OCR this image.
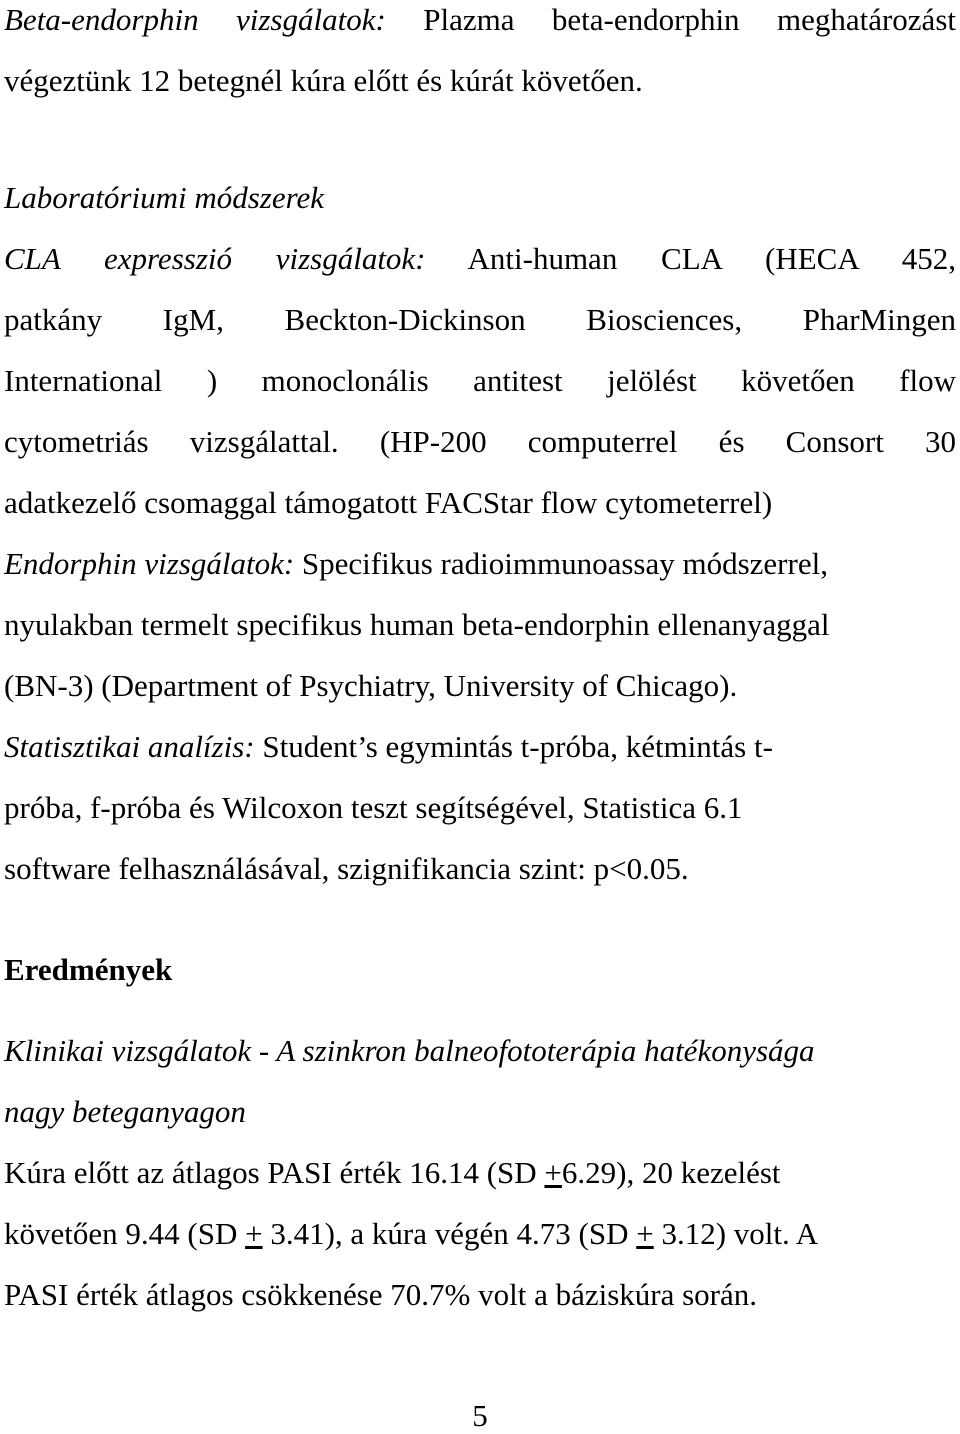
Beta-endorphin vizsgálatok: Plazma beta-endorphin meghatározást
végeztünk 12 betegnél kúra előtt és kúrát követően.
Laboratóriumi módszerek
CLA expresszió vizsgálatok: Anti-human CLA (HECA 452,
patkány IgM, Beckton-Dickinson Biosciences, PharMingen
International ) monoclonális antitest jelölést követően flow
cytometriás vizsgálattal. (HP-200 computerrel és Consort 30
adatkezelő csomaggal támogatott FACStar flow cytometerrel)
Endorphin vizsgálatok: Specifikus radioimmunoassay módszerrel,
nyulakban termelt specifikus human beta-endorphin ellenanyaggal
(BN-3) (Department of Psychiatry, University of Chicago).
Statisztikai analízis: Student’s egymintás t-próba, kétmintás t-
próba, f-próba és Wilcoxon teszt segítségével, Statistica 6.1
software felhasználásával, szignifikancia szint: p<0.05.
Eredmények
Klinikai vizsgálatok - A szinkron balneofototerápia hatékonysága
nagy beteganyagon
Kúra előtt az átlagos PASI érték 16.14 (SD +6.29), 20 kezelést
követően 9.44 (SD + 3.41), a kúra végén 4.73 (SD + 3.12) volt. A
PASI érték átlagos csökkenése 70.7% volt a báziskúra során.
5
